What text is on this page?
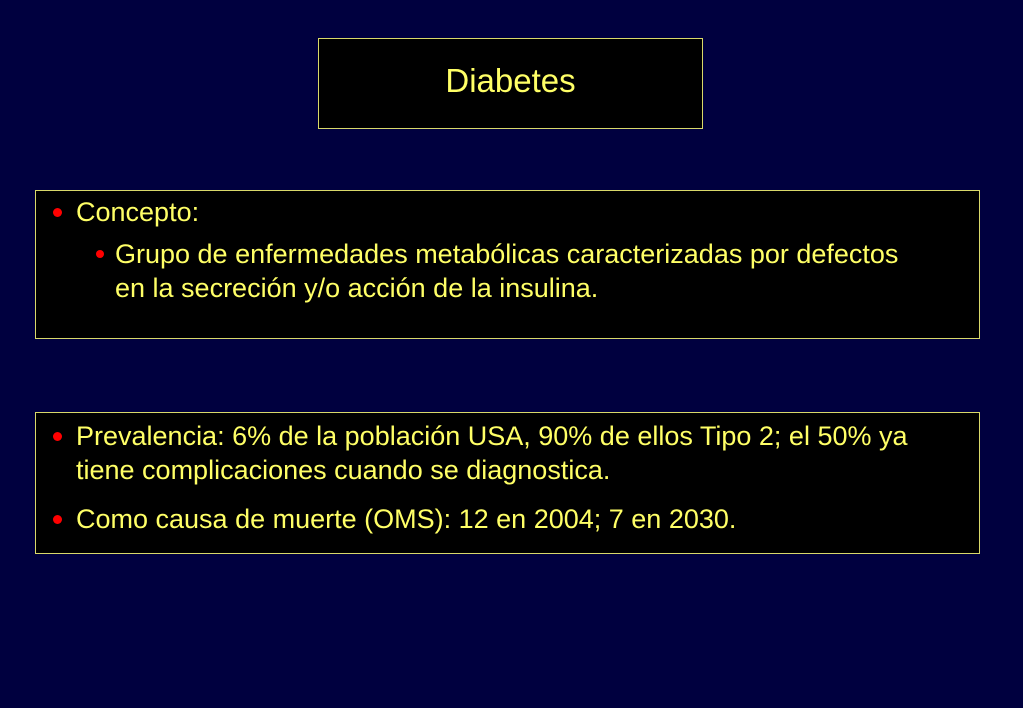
Diabetes
Concepto:
Grupo de enfermedades metabólicas caracterizadas por defectos en la secreción y/o acción de la insulina.
Prevalencia: 6% de la población USA, 90% de ellos Tipo 2; el 50% ya tiene complicaciones cuando se diagnostica.
Como causa de muerte (OMS): 12 en 2004; 7 en 2030.
